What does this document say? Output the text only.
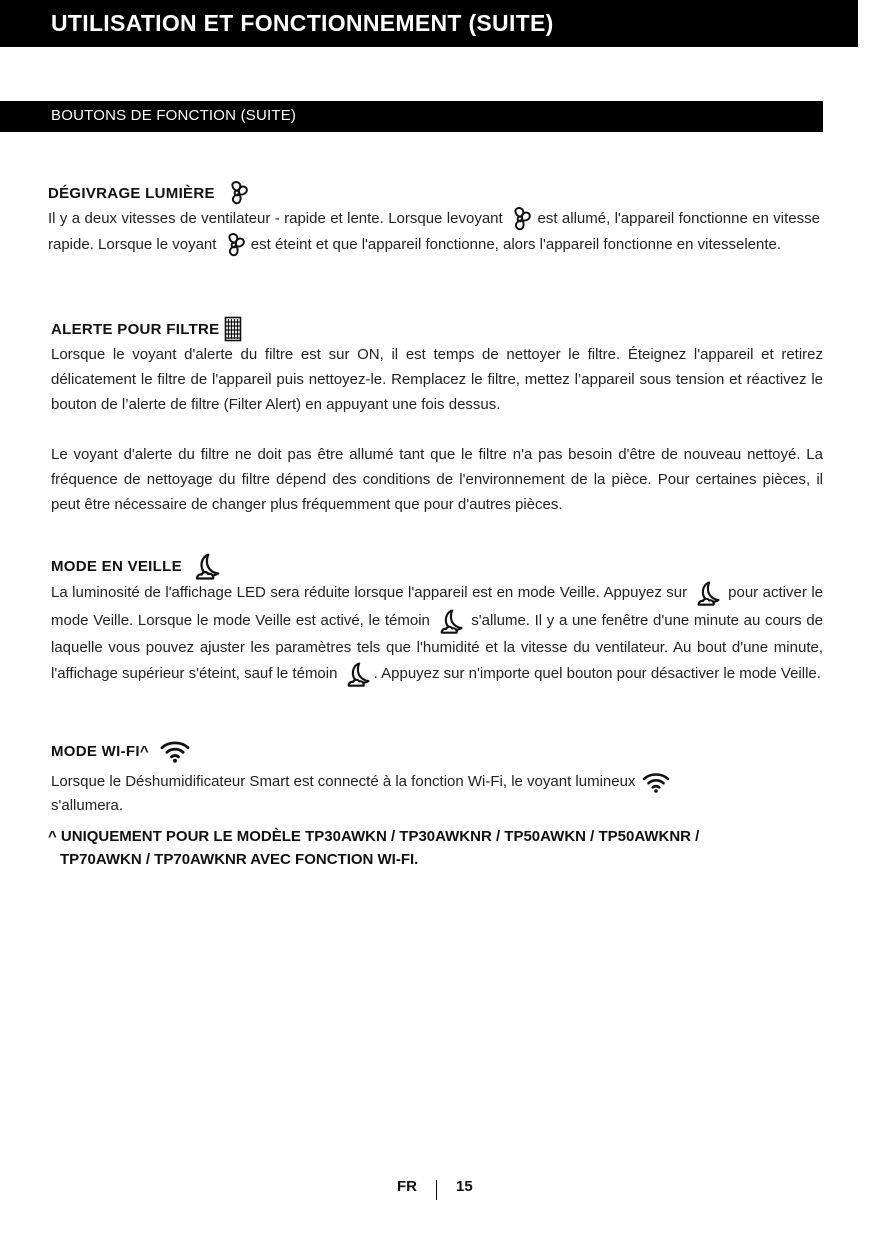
UTILISATION ET FONCTIONNEMENT (SUITE)
BOUTONS DE FONCTION (SUITE)
DÉGIVRAGE LUMIÈRE

Il y a deux vitesses de ventilateur - rapide et lente. Lorsque levoyant est allumé, l'appareil fonctionne en vitesse rapide. Lorsque le voyant est éteint et que l'appareil fonctionne, alors l'appareil fonctionne en vitesselente.

ALERTE POUR FILTRE

Lorsque le voyant d'alerte du filtre est sur ON, il est temps de nettoyer le filtre. Éteignez l'appareil et retirez délicatement le filtre de l'appareil puis nettoyez-le. Remplacez le filtre, mettez l’appareil sous tension et réactivez le bouton de l’alerte de filtre (Filter Alert) en appuyant une fois dessus.

Le voyant d'alerte du filtre ne doit pas être allumé tant que le filtre n'a pas besoin d'être de nouveau nettoyé. La fréquence de nettoyage du filtre dépend des conditions de l'environnement de la pièce. Pour certaines pièces, il peut être nécessaire de changer plus fréquemment que pour d'autres pièces.

MODE EN VEILLE

La luminosité de l'affichage LED sera réduite lorsque l'appareil est en mode Veille. Appuyez sur	pour activer le mode Veille. Lorsque le mode Veille est activé, le témoin	s'allume. Il y a une fenêtre d'une minute au cours de laquelle vous pouvez ajuster les paramètres tels que l'humidité et la vitesse du ventilateur. Au bout d'une minute, l'affichage supérieur s'éteint, sauf le témoin . Appuyez sur n'importe quel bouton pour désactiver le mode Veille.

MODE WI-FI^

Lorsque le Déshumidificateur Smart est connecté à la fonction Wi-Fi, le voyant lumineux

s'allumera.

^ UNIQUEMENT POUR LE MODÈLE TP30AWKN / TP30AWKNR / TP50AWKN / TP50AWKNR /
TP70AWKN / TP70AWKNR AVEC FONCTION WI-FI.
FR	15
